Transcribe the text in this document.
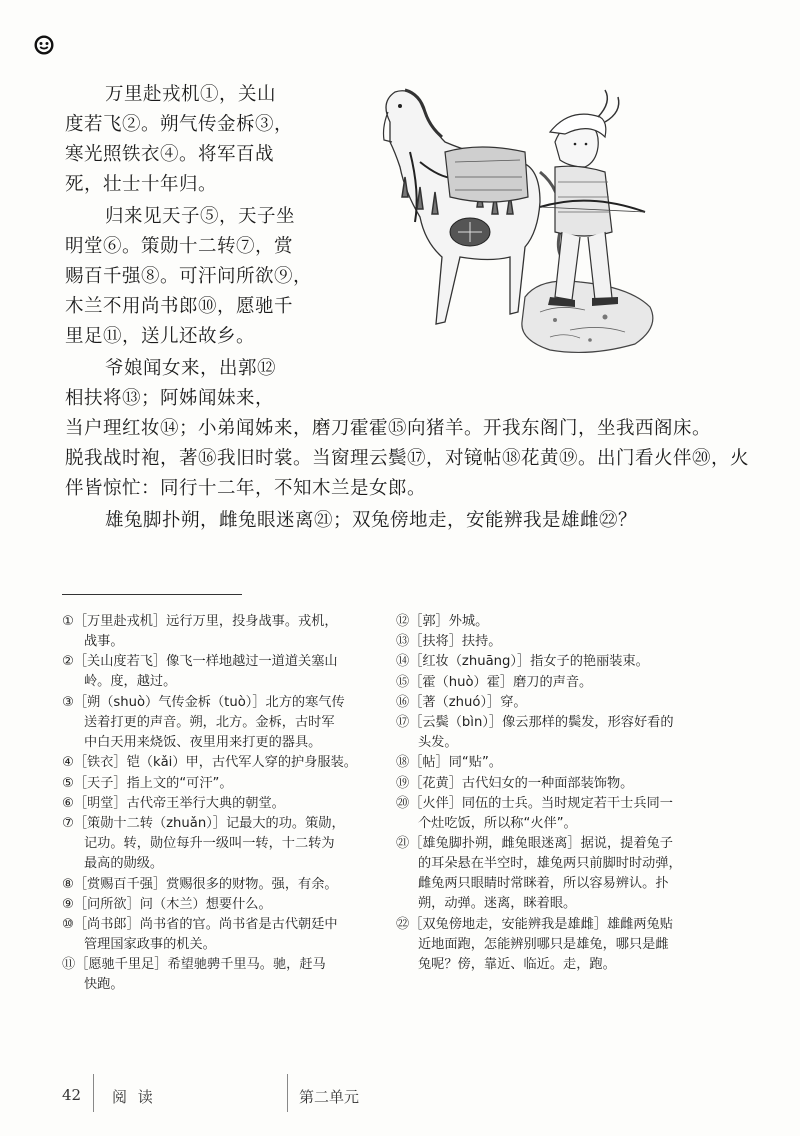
万里赴戎机①，关山
度若飞②。朔气传金柝③，
寒光照铁衣④。将军百战
死，壮士十年归。
归来见天子⑤，天子坐
明堂⑥。策勋十二转⑦，赏
赐百千强⑧。可汗问所欲⑨，
木兰不用尚书郎⑩，愿驰千
里足⑪，送儿还故乡。
爷娘闻女来，出郭⑫
相扶将⑬；阿姊闻妹来，
当户理红妆⑭；小弟闻姊来，磨刀霍霍⑮向猪羊。开我东阁门，坐我西阁床。
脱我战时袍，著⑯我旧时裳。当窗理云鬓⑰，对镜帖⑱花黄⑲。出门看火伴⑳，火
伴皆惊忙：同行十二年，不知木兰是女郎。
雄兔脚扑朔，雌兔眼迷离㉑；双兔傍地走，安能辨我是雄雌㉒？
①［万里赴戎机］远行万里，投身战事。戎机，
战事。
②［关山度若飞］像飞一样地越过一道道关塞山
岭。度，越过。
③［朔（shuò）气传金柝（tuò）］北方的寒气传
送着打更的声音。朔，北方。金柝，古时军
中白天用来烧饭、夜里用来打更的器具。
④［铁衣］铠（kǎi）甲，古代军人穿的护身服装。
⑤［天子］指上文的“可汗”。
⑥［明堂］古代帝王举行大典的朝堂。
⑦［策勋十二转（zhuǎn）］记最大的功。策勋，
记功。转，勋位每升一级叫一转，十二转为
最高的勋级。
⑧［赏赐百千强］赏赐很多的财物。强，有余。
⑨［问所欲］问（木兰）想要什么。
⑩［尚书郎］尚书省的官。尚书省是古代朝廷中
管理国家政事的机关。
⑪［愿驰千里足］希望驰骋千里马。驰，赶马
快跑。
⑫［郭］外城。
⑬［扶将］扶持。
⑭［红妆（zhuāng）］指女子的艳丽装束。
⑮［霍（huò）霍］磨刀的声音。
⑯［著（zhuó）］穿。
⑰［云鬓（bìn）］像云那样的鬓发，形容好看的
头发。
⑱［帖］同“贴”。
⑲［花黄］古代妇女的一种面部装饰物。
⑳［火伴］同伍的士兵。当时规定若干士兵同一
个灶吃饭，所以称“火伴”。
㉑［雄兔脚扑朔，雌兔眼迷离］据说，提着兔子
的耳朵悬在半空时，雄兔两只前脚时时动弹，
雌兔两只眼睛时常眯着，所以容易辨认。扑
朔，动弹。迷离，眯着眼。
㉒［双兔傍地走，安能辨我是雄雌］雄雌两兔贴
近地面跑，怎能辨别哪只是雄兔，哪只是雌
兔呢？傍，靠近、临近。走，跑。
42 阅 读	第二单元
